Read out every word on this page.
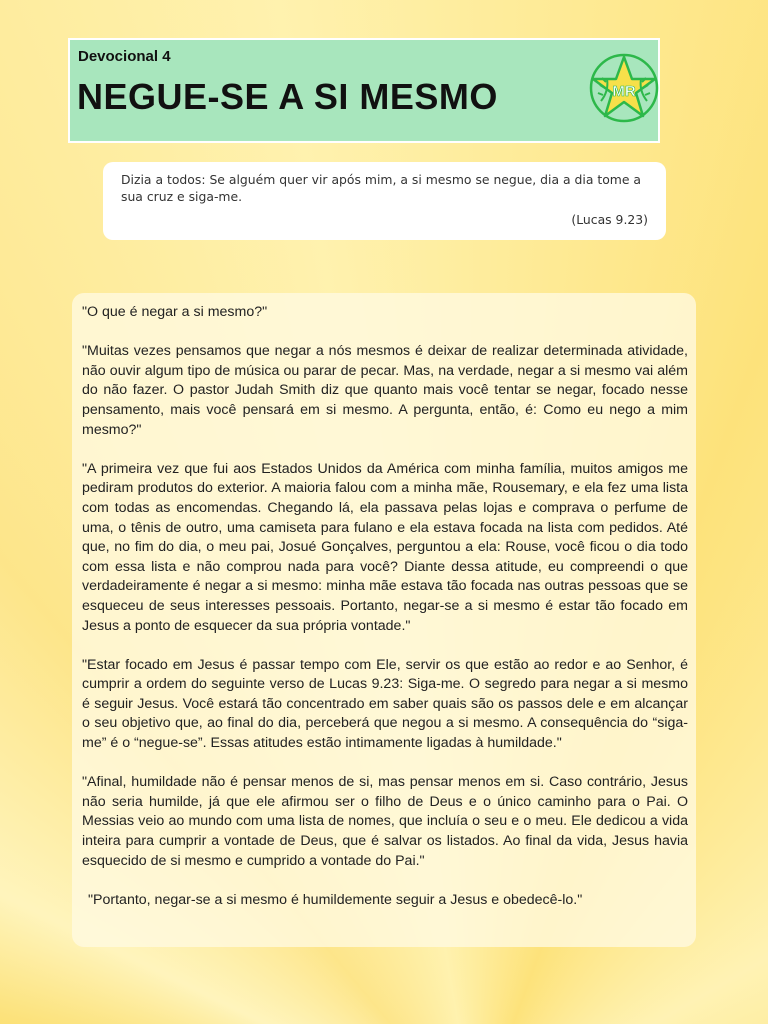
Devocional 4
NEGUE-SE A SI MESMO	MR
Dizia a todos: Se alguém quer vir após mim, a si mesmo se negue, dia a dia tome a sua cruz e siga-me.
(Lucas 9.23)

"O que é negar a si mesmo?"

"Muitas vezes pensamos que negar a nós mesmos é deixar de realizar determinada atividade, não ouvir algum tipo de música ou parar de pecar. Mas, na verdade, negar a si mesmo vai além do não fazer. O pastor Judah Smith diz que quanto mais você tentar se negar, focado nesse pensamento, mais você pensará em si mesmo. A pergunta, então, é: Como eu nego a mim mesmo?"

"A primeira vez que fui aos Estados Unidos da América com minha família, muitos amigos me pediram produtos do exterior. A maioria falou com a minha mãe, Rousemary, e ela fez uma lista com todas as encomendas. Chegando lá, ela passava pelas lojas e comprava o perfume de uma, o tênis de outro, uma camiseta para fulano e ela estava focada na lista com pedidos. Até que, no fim do dia, o meu pai, Josué Gonçalves, perguntou a ela: Rouse, você ficou o dia todo com essa lista e não comprou nada para você? Diante dessa atitude, eu compreendi o que verdadeiramente é negar a si mesmo: minha mãe estava tão focada nas outras pessoas que se esqueceu de seus interesses pessoais. Portanto, negar-se a si mesmo é estar tão focado em Jesus a ponto de esquecer da sua própria vontade."

"Estar focado em Jesus é passar tempo com Ele, servir os que estão ao redor e ao Senhor, é cumprir a ordem do seguinte verso de Lucas 9.23: Siga-me. O segredo para negar a si mesmo é seguir Jesus. Você estará tão concentrado em saber quais são os passos dele e em alcançar o seu objetivo que, ao final do dia, perceberá que negou a si mesmo. A consequência do “siga-me” é o “negue-se”. Essas atitudes estão intimamente ligadas à humildade."

"Afinal, humildade não é pensar menos de si, mas pensar menos em si. Caso contrário, Jesus não seria humilde, já que ele afirmou ser o filho de Deus e o único caminho para o Pai. O Messias veio ao mundo com uma lista de nomes, que incluía o seu e o meu. Ele dedicou a vida inteira para cumprir a vontade de Deus, que é salvar os listados. Ao final da vida, Jesus havia esquecido de si mesmo e cumprido a vontade do Pai."

"Portanto, negar-se a si mesmo é humildemente seguir a Jesus e obedecê-lo."
